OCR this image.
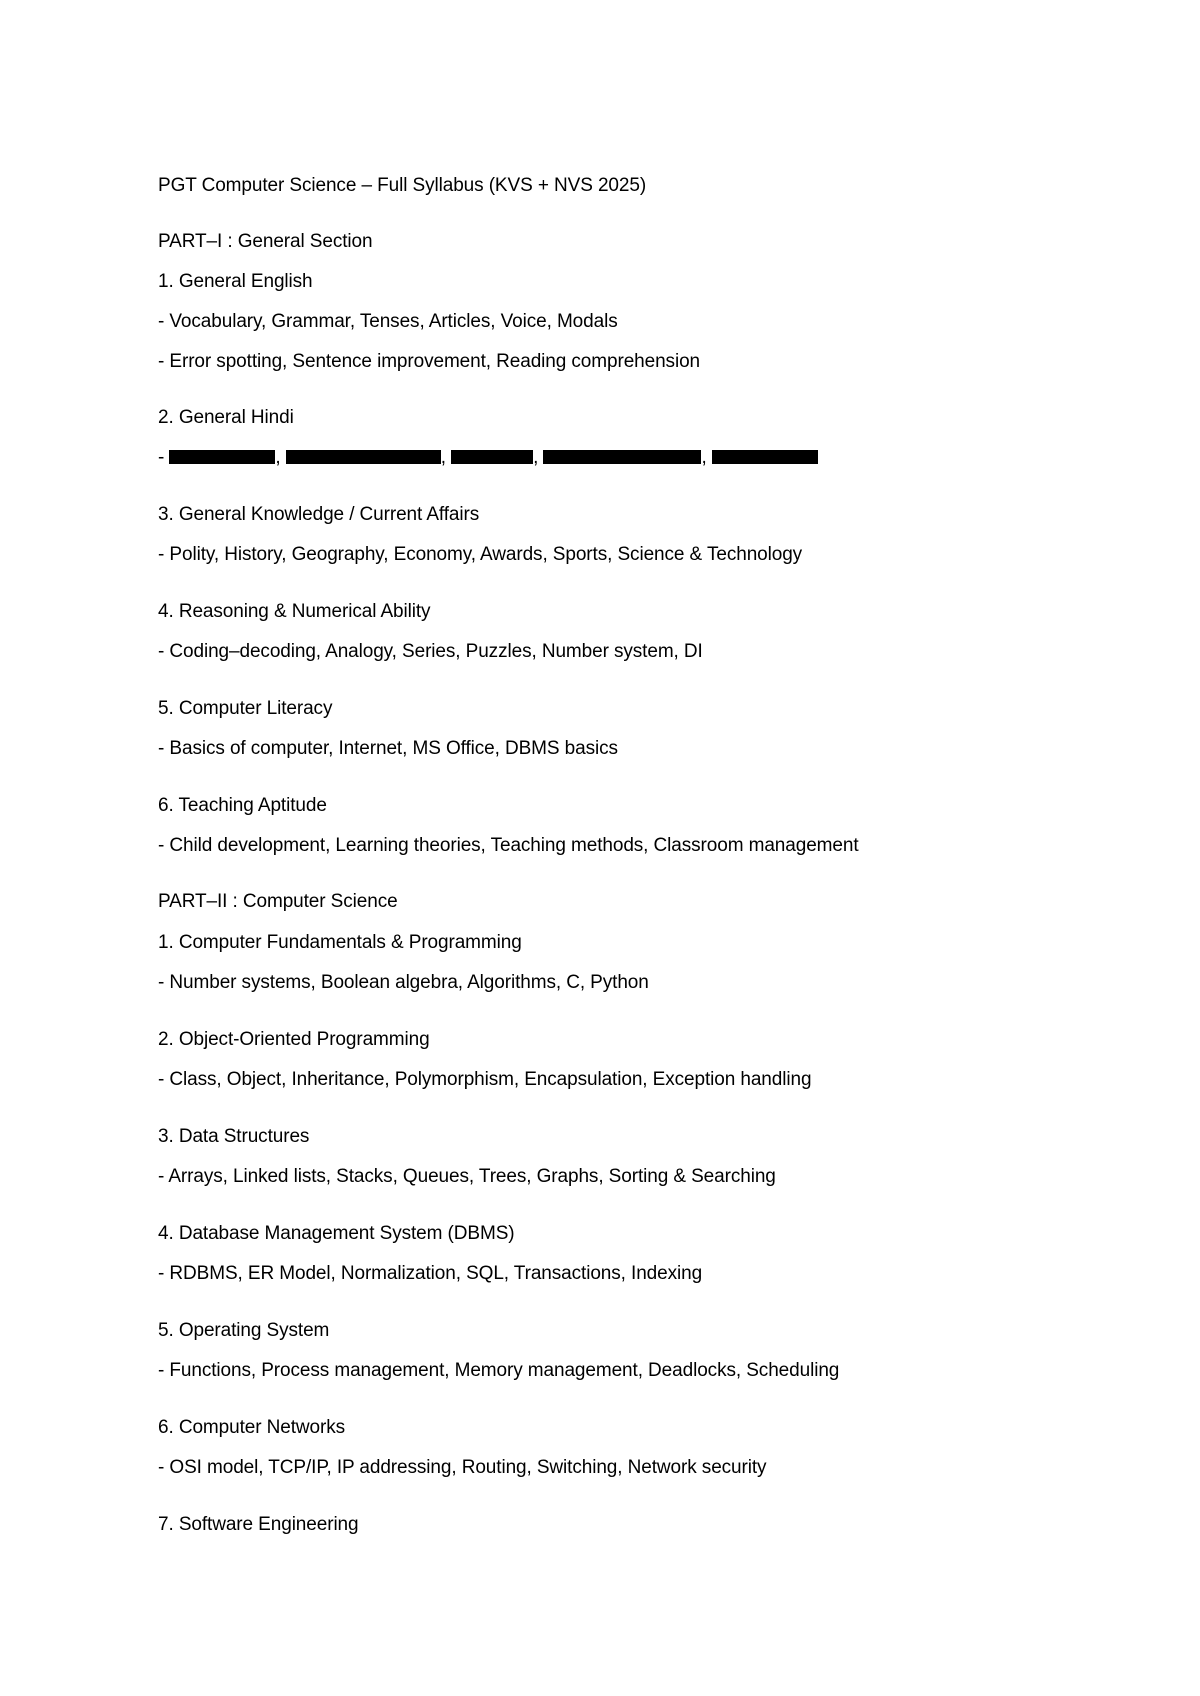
PGT Computer Science – Full Syllabus (KVS + NVS 2025)
PART–I : General Section
1. General English
- Vocabulary, Grammar, Tenses, Articles, Voice, Modals
- Error spotting, Sentence improvement, Reading comprehension
2. General Hindi
-	,	,	,	,
3. General Knowledge / Current Affairs
- Polity, History, Geography, Economy, Awards, Sports, Science & Technology
4. Reasoning & Numerical Ability
- Coding–decoding, Analogy, Series, Puzzles, Number system, DI
5. Computer Literacy
- Basics of computer, Internet, MS Office, DBMS basics
6. Teaching Aptitude
- Child development, Learning theories, Teaching methods, Classroom management
PART–II : Computer Science
1. Computer Fundamentals & Programming
- Number systems, Boolean algebra, Algorithms, C, Python
2. Object-Oriented Programming
- Class, Object, Inheritance, Polymorphism, Encapsulation, Exception handling
3. Data Structures
- Arrays, Linked lists, Stacks, Queues, Trees, Graphs, Sorting & Searching
4. Database Management System (DBMS)
- RDBMS, ER Model, Normalization, SQL, Transactions, Indexing
5. Operating System
- Functions, Process management, Memory management, Deadlocks, Scheduling
6. Computer Networks
- OSI model, TCP/IP, IP addressing, Routing, Switching, Network security
7. Software Engineering
